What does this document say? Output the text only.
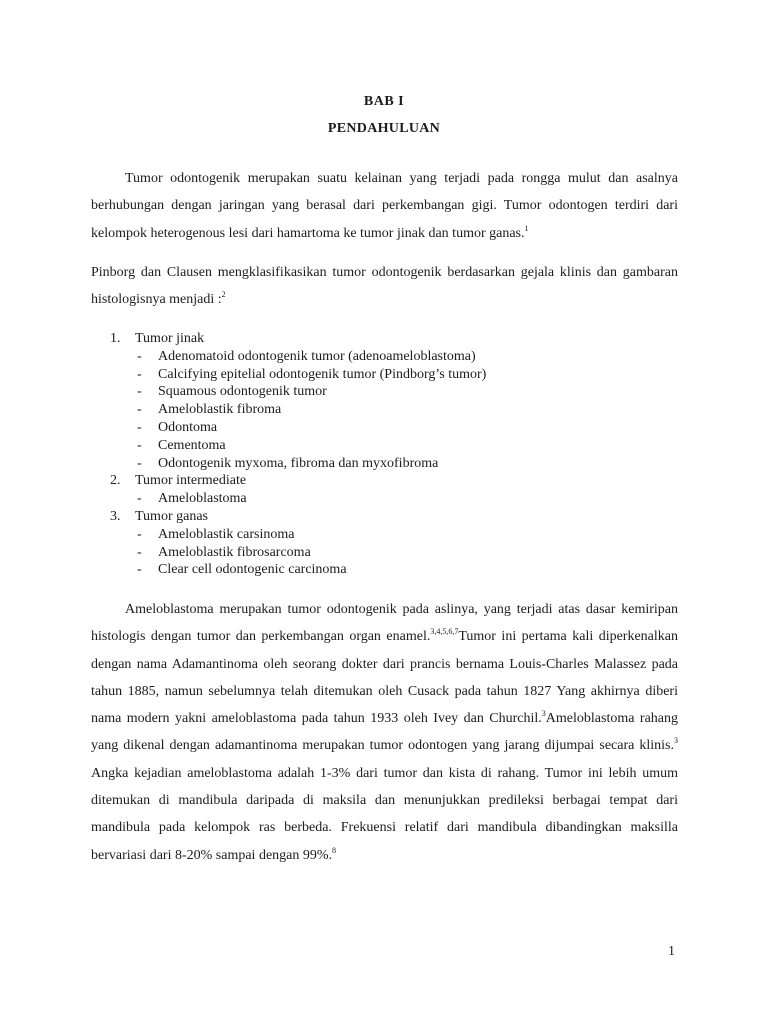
BAB I
PENDAHULUAN

Tumor odontogenik merupakan suatu kelainan yang terjadi pada rongga mulut dan asalnya berhubungan dengan jaringan yang berasal dari perkembangan gigi. Tumor odontogen terdiri dari kelompok heterogenous lesi dari hamartoma ke tumor jinak dan tumor ganas.$^1$

Pinborg dan Clausen mengklasifikasikan tumor odontogenik berdasarkan gejala klinis dan gambaran histologisnya menjadi :$^2$

1. Tumor jinak
- Adenomatoid odontogenik tumor (adenoameloblastoma)
- Calcifying epitelial odontogenik tumor (Pindborg’s tumor)
- Squamous odontogenik tumor
- Ameloblastik fibroma
- Odontoma
- Cementoma
- Odontogenik myxoma, fibroma dan myxofibroma
2. Tumor intermediate
- Ameloblastoma
3. Tumor ganas
- Ameloblastik carsinoma
- Ameloblastik fibrosarcoma
- Clear cell odontogenic carcinoma

Ameloblastoma merupakan tumor odontogenik pada aslinya, yang terjadi atas dasar kemiripan histologis dengan tumor dan perkembangan organ enamel.$^{3,4,5,6,7}$Tumor ini pertama kali diperkenalkan dengan nama Adamantinoma oleh seorang dokter dari prancis bernama Louis-Charles Malassez pada tahun 1885, namun sebelumnya telah ditemukan oleh Cusack pada tahun 1827 Yang akhirnya diberi nama modern yakni ameloblastoma pada tahun 1933 oleh Ivey dan Churchil.$^3$Ameloblastoma rahang yang dikenal dengan adamantinoma merupakan tumor odontogen yang jarang dijumpai secara klinis.$^3$ Angka kejadian ameloblastoma adalah 1-3% dari tumor dan kista di rahang. Tumor ini lebih umum ditemukan di mandibula daripada di maksila dan menunjukkan predileksi berbagai tempat dari mandibula pada kelompok ras berbeda. Frekuensi relatif dari mandibula dibandingkan maksilla bervariasi dari 8-20% sampai dengan 99%.$^8$

1
